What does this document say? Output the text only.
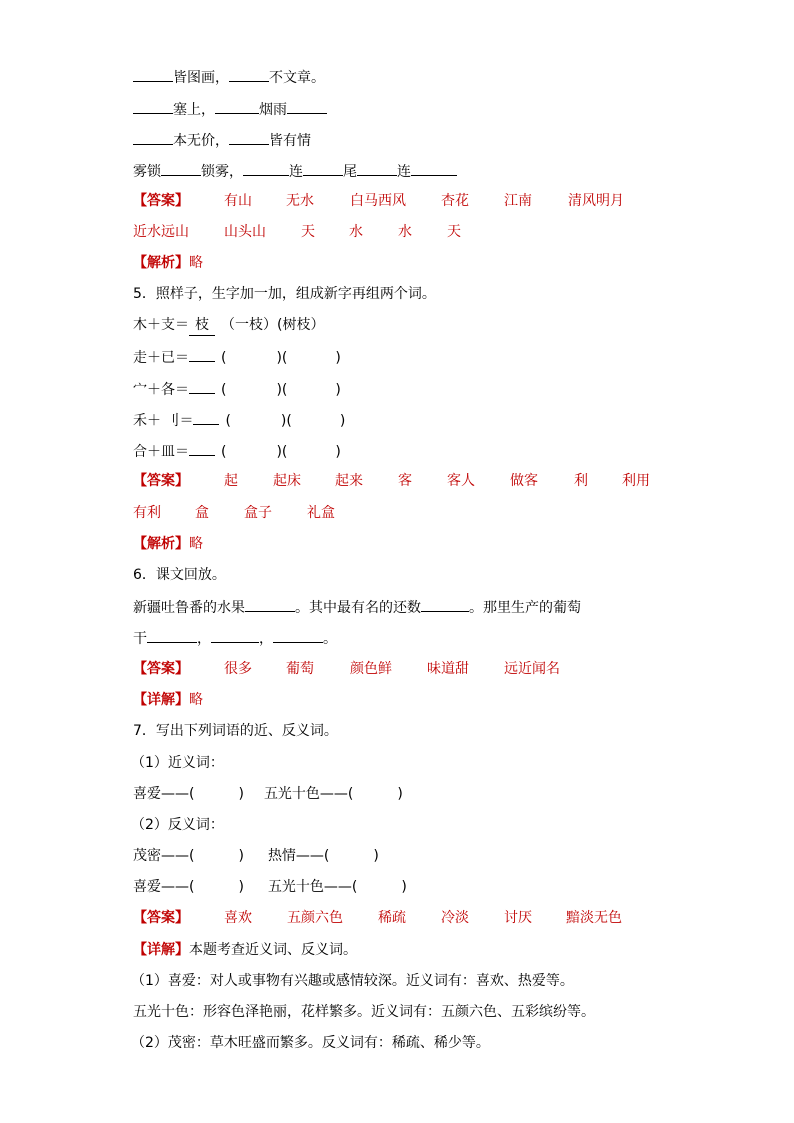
皆图画，	不文章。
塞上，	烟雨
本无价，	皆有情
雾锁	锁雾，	连	尾	连
【答案】	有山 无水	白马西风	杏花	江南	清风明月
近水远山	山头山	天 水	水	天
【解析】略
5．照样子，生字加一加，组成新字再组两个词。
木＋支＝ 枝 （一枝）(树枝）
走＋已＝ (	)(	)
宀＋各＝ (	)(	)
禾＋ 刂＝ (	)(	)
合＋皿＝ (	)(	)
【答案】	起	起床 起来	客	客人	做客	利 利用
有利 盒	盒子	礼盒
【解析】略
6．课文回放。
新疆吐鲁番的水果	。其中最有名的还数	。那里生产的葡萄
干	，	，	。
【答案】	很多 葡萄	颜色鲜	味道甜	远近闻名
【详解】略
7．写出下列词语的近、反义词。
（1）近义词：
喜爱——(	) 五光十色——(	)
（2）反义词：
茂密——(	) 热情——(	)
喜爱——(	) 五光十色——(	)
【答案】	喜欢	五颜六色	稀疏	冷淡	讨厌 黯淡无色
【详解】本题考查近义词、反义词。
（1）喜爱：对人或事物有兴趣或感情较深。近义词有：喜欢、热爱等。
五光十色：形容色泽艳丽，花样繁多。近义词有：五颜六色、五彩缤纷等。
（2）茂密：草木旺盛而繁多。反义词有：稀疏、稀少等。
